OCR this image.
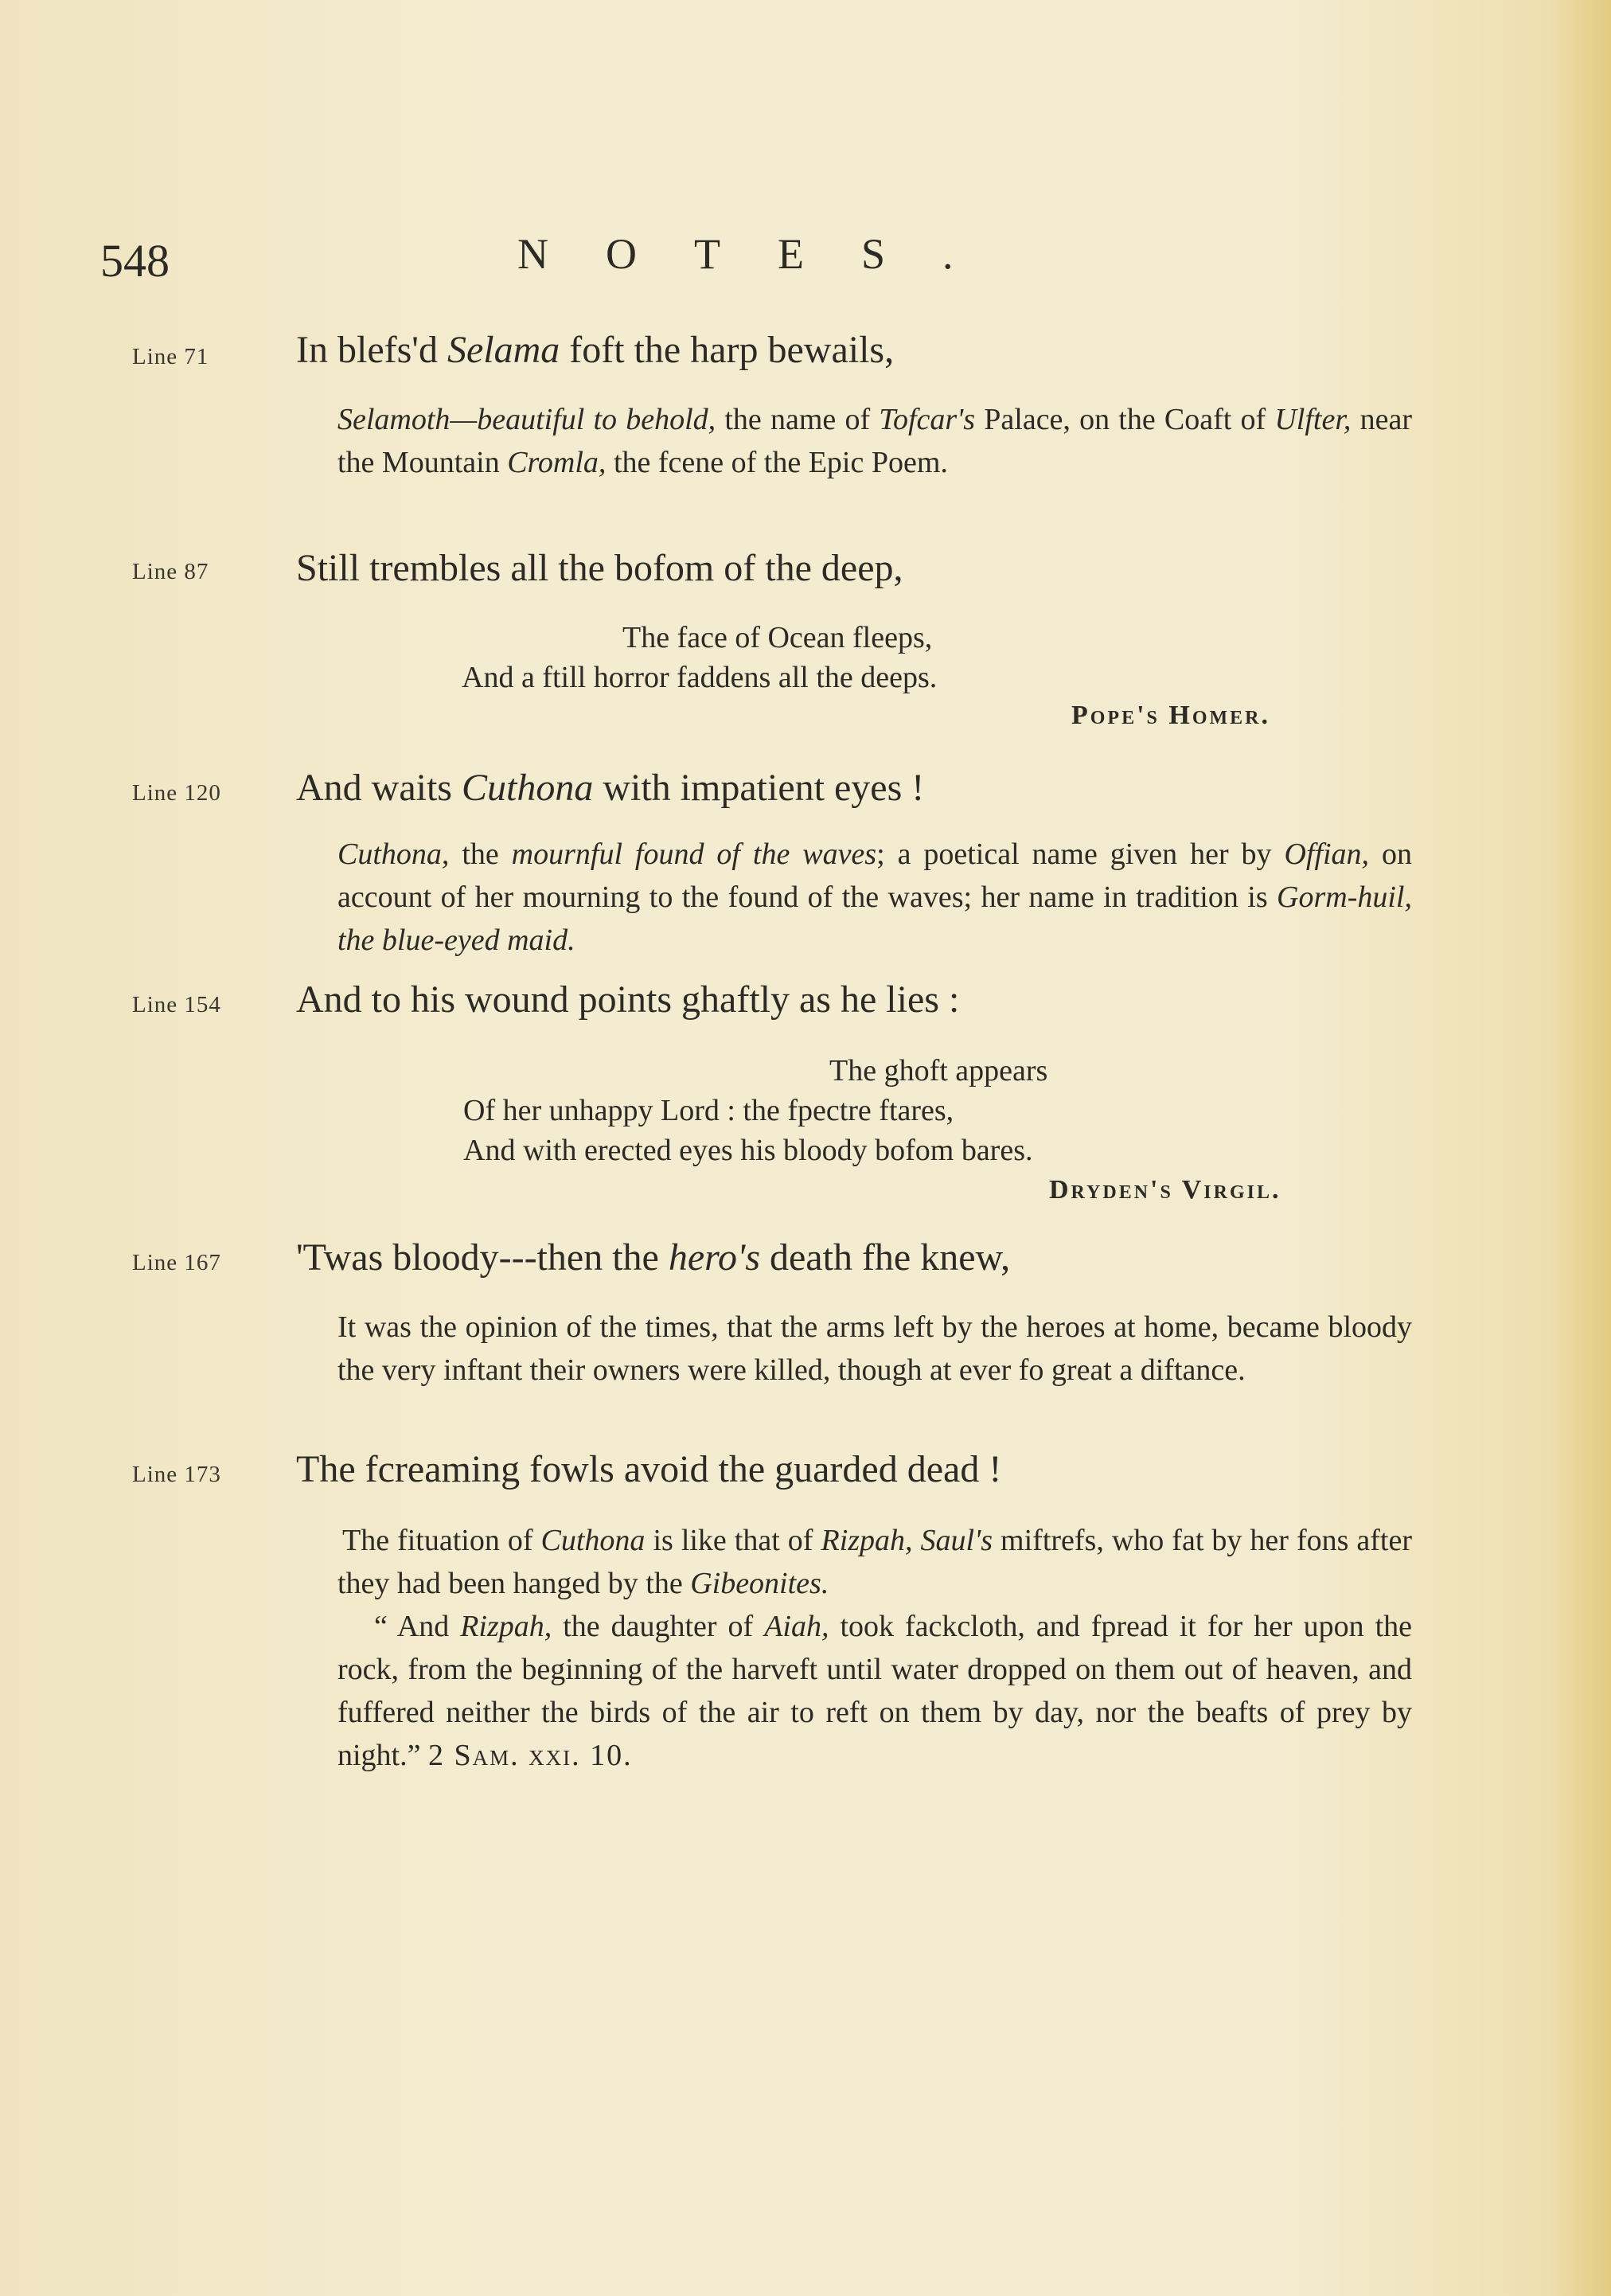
548	NOTES.
Line 71 In blefs'd Selama foft the harp bewails,

Selamoth—beautiful to behold, the name of Tofcar's Palace, on the Coaft of Ulfter, near the Mountain Cromla, the fcene of the Epic Poem.

Line 87 Still trembles all the bofom of the deep,
The face of Ocean fleeps,
And a ftill horror faddens all the deeps.
Pope's Homer.
Line 120 And waits Cuthona with impatient eyes !

Cuthona, the mournful found of the waves; a poetical name given her by Offian, on account of her mourning to the found of the waves; her name in tradition is Gorm-huil, the blue-eyed maid.

Line 154 And to his wound points ghaftly as he lies :
The ghoft appears
Of her unhappy Lord : the fpectre ftares,
And with erected eyes his bloody bofom bares.
Dryden's Virgil.
Line 167 'Twas bloody---then the hero's death fhe knew,

It was the opinion of the times, that the arms left by the heroes at home, became bloody the very inftant their owners were killed, though at ever fo great a diftance.

Line 173 The fcreaming fowls avoid the guarded dead !

The fituation of Cuthona is like that of Rizpah, Saul's miftrefs, who fat by her fons after they had been hanged by the Gibeonites.

“ And Rizpah, the daughter of Aiah, took fackcloth, and fpread it for her upon the rock, from the beginning of the harveft until water dropped on them out of heaven, and fuffered neither the birds of the air to reft on them by day, nor the beafts of prey by night.” 2 Sam. xxi. 10.
